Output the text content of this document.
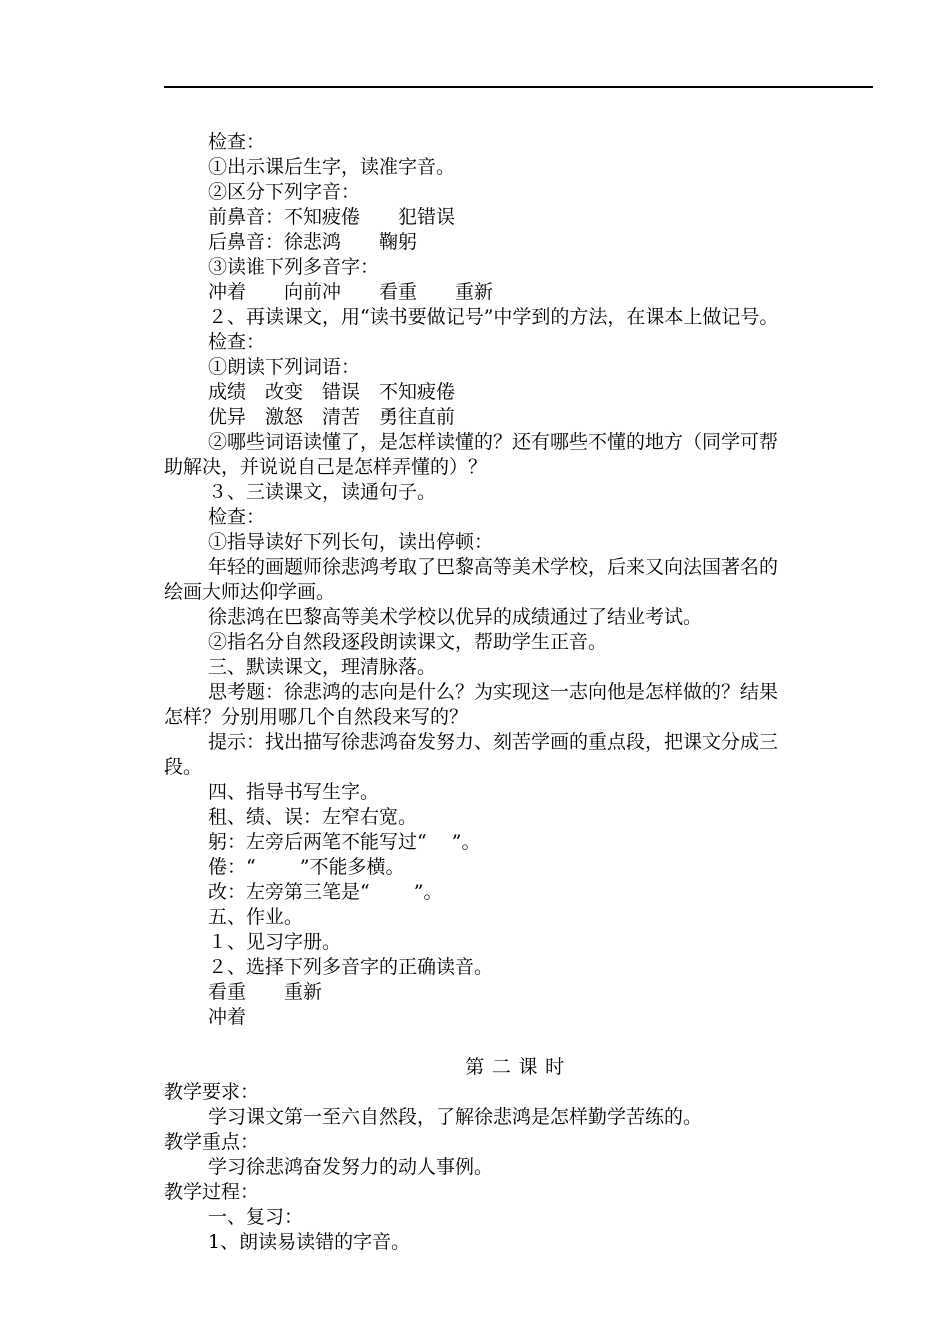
检查：
①出示课后生字，读准字音。
②区分下列字音：
前鼻音：不知疲倦　　犯错误
后鼻音：徐悲鸿　　鞠躬
③读谁下列多音字：
冲着　　向前冲　　看重　　重新
２、再读课文，用“读书要做记号”中学到的方法，在课本上做记号。
检查：
①朗读下列词语：
成绩　改变　错误　不知疲倦
优异　激怒　清苦　勇往直前
②哪些词语读懂了，是怎样读懂的？还有哪些不懂的地方（同学可帮
助解决，并说说自己是怎样弄懂的）？
３、三读课文，读通句子。
检查：
①指导读好下列长句，读出停顿：
年轻的画题师徐悲鸿考取了巴黎高等美术学校，后来又向法国著名的
绘画大师达仰学画。
徐悲鸿在巴黎高等美术学校以优异的成绩通过了结业考试。
②指名分自然段逐段朗读课文，帮助学生正音。
三、默读课文，理清脉落。
思考题：徐悲鸿的志向是什么？为实现这一志向他是怎样做的？结果
怎样？分别用哪几个自然段来写的？
提示：找出描写徐悲鸿奋发努力、刻苦学画的重点段，把课文分成三
段。
四、指导书写生字。
租、绩、误：左窄右宽。
躬：左旁后两笔不能写过“　 ”。
倦：“　　 ”不能多横。
改：左旁第三笔是“　　 ”。
五、作业。
１、见习字册。
２、选择下列多音字的正确读音。
看重　　重新
冲着
第二课时
教学要求：
学习课文第一至六自然段，了解徐悲鸿是怎样勤学苦练的。
教学重点：
学习徐悲鸿奋发努力的动人事例。
教学过程：
一、复习：
1、朗读易读错的字音。
